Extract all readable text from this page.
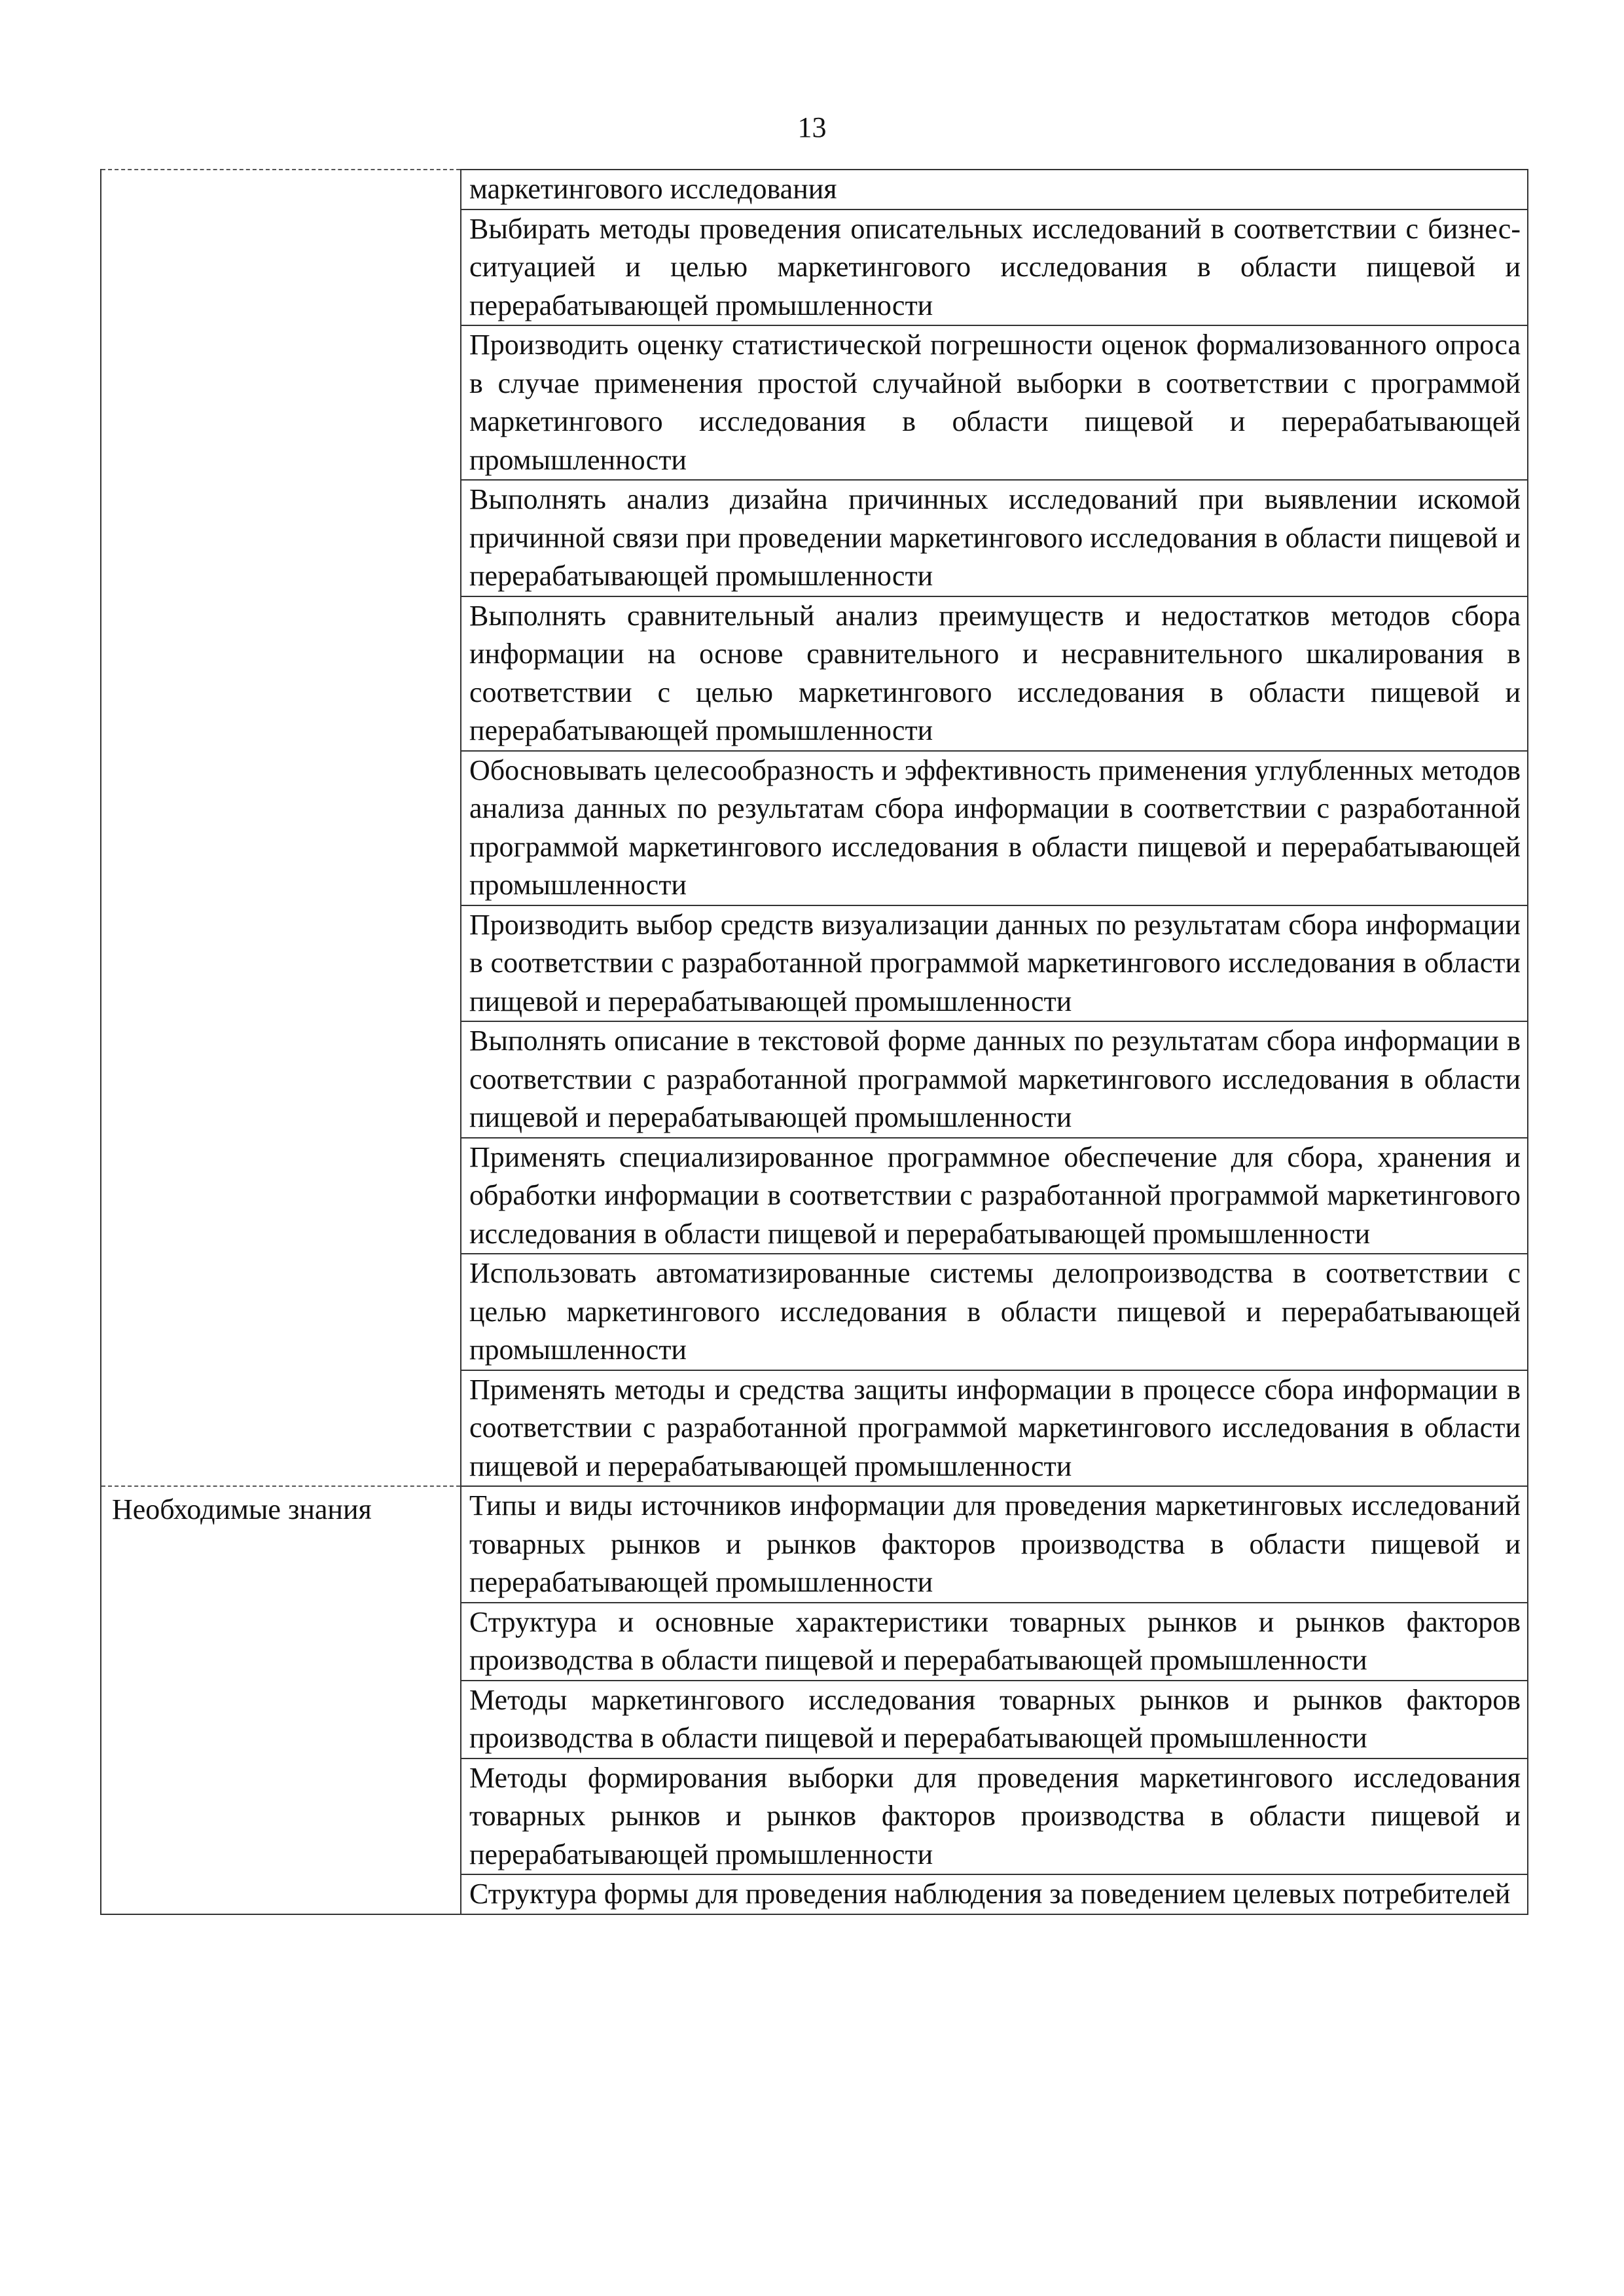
13
	маркетингового исследования
	Выбирать методы проведения описательных исследований в соответствии с бизнес-ситуацией и целью маркетингового исследования в области пищевой и перерабатывающей промышленности
	Производить оценку статистической погрешности оценок формализованного опроса в случае применения простой случайной выборки в соответствии с программой маркетингового исследования в области пищевой и перерабатывающей промышленности
	Выполнять анализ дизайна причинных исследований при выявлении искомой причинной связи при проведении маркетингового исследования в области пищевой и перерабатывающей промышленности
	Выполнять сравнительный анализ преимуществ и недостатков методов сбора информации на основе сравнительного и несравнительного шкалирования в соответствии с целью маркетингового исследования в области пищевой и перерабатывающей промышленности
	Обосновывать целесообразность и эффективность применения углубленных методов анализа данных по результатам сбора информации в соответствии с разработанной программой маркетингового исследования в области пищевой и перерабатывающей промышленности
	Производить выбор средств визуализации данных по результатам сбора информации в соответствии с разработанной программой маркетингового исследования в области пищевой и перерабатывающей промышленности
	Выполнять описание в текстовой форме данных по результатам сбора информации в соответствии с разработанной программой маркетингового исследования в области пищевой и перерабатывающей промышленности
	Применять специализированное программное обеспечение для сбора, хранения и обработки информации в соответствии с разработанной программой маркетингового исследования в области пищевой и перерабатывающей промышленности
	Использовать автоматизированные системы делопроизводства в соответствии с целью маркетингового исследования в области пищевой и перерабатывающей промышленности
	Применять методы и средства защиты информации в процессе сбора информации в соответствии с разработанной программой маркетингового исследования в области пищевой и перерабатывающей промышленности
Необходимые знания	Типы и виды источников информации для проведения маркетинговых исследований товарных рынков и рынков факторов производства в области пищевой и перерабатывающей промышленности
	Структура и основные характеристики товарных рынков и рынков факторов производства в области пищевой и перерабатывающей промышленности
	Методы маркетингового исследования товарных рынков и рынков факторов производства в области пищевой и перерабатывающей промышленности
	Методы формирования выборки для проведения маркетингового исследования товарных рынков и рынков факторов производства в области пищевой и перерабатывающей промышленности
	Структура формы для проведения наблюдения за поведением целевых потребителей
